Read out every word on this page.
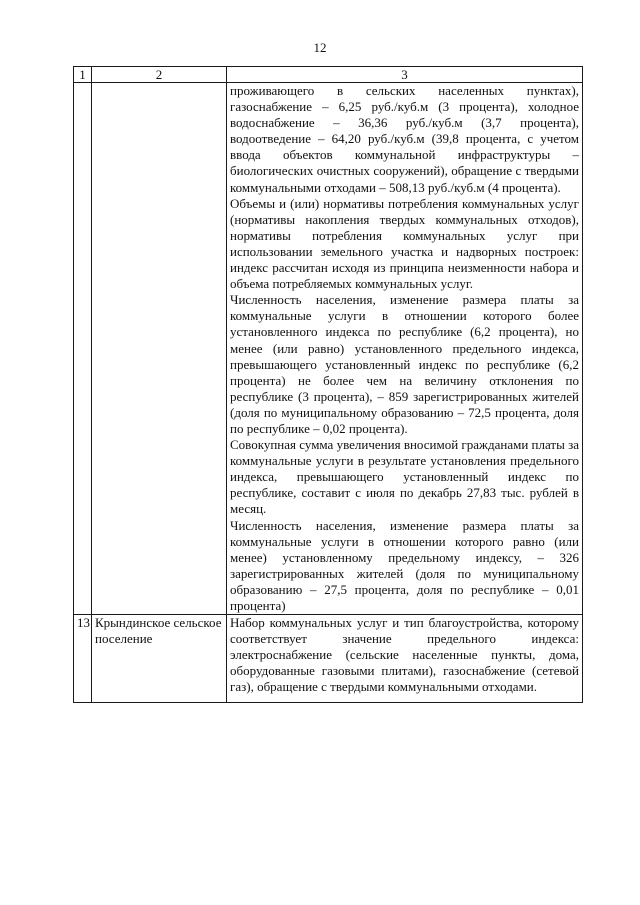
12
1	2	3

		проживающего в сельских населенных пунктах), газоснабжение – 6,25 руб./куб.м (3 процента), холодное водоснабжение – 36,36 руб./куб.м (3,7 процента), водоотведение – 64,20 руб./куб.м (39,8 процента, с учетом ввода объектов коммунальной инфраструктуры – биологических очистных сооружений), обращение с твердыми коммунальными отходами – 508,13 руб./куб.м (4 процента).

Объемы и (или) нормативы потребления коммунальных услуг (нормативы накопления твердых коммунальных отходов), нормативы потребления коммунальных услуг при использовании земельного участка и надворных построек: индекс рассчитан исходя из принципа неизменности набора и объема потребляемых коммунальных услуг.

Численность населения, изменение размера платы за коммунальные услуги в отношении которого более установленного индекса по республике (6,2 процента), но менее (или равно) установленного предельного индекса, превышающего установленный индекс по республике (6,2 процента) не более чем на величину отклонения по республике (3 процента), – 859 зарегистрированных жителей (доля по муниципальному образованию – 72,5 процента, доля по республике – 0,02 процента).

Совокупная сумма увеличения вносимой гражданами платы за коммунальные услуги в результате установления предельного индекса, превышающего установленный индекс по республике, составит с июля по декабрь 27,83 тыс. рублей в месяц.

Численность населения, изменение размера платы за коммунальные услуги в отношении которого равно (или менее) установленному предельному индексу, – 326 зарегистрированных жителей (доля по муниципальному образованию – 27,5 процента, доля по республике – 0,01 процента)

13	Крындинское сельское поселение	Набор коммунальных услуг и тип благоустройства, которому соответствует значение предельного индекса: электроснабжение (сельские населенные пункты, дома, оборудованные газовыми плитами), газоснабжение (сетевой газ), обращение с твердыми коммунальными отходами.
